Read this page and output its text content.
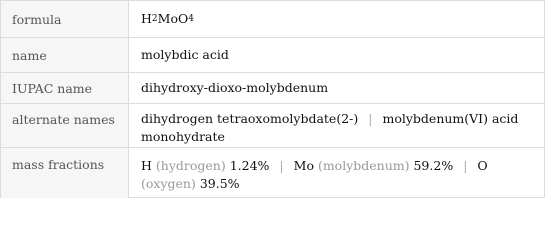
formula	H 2 MoO 4
name	molybdic acid
IUPAC name	dihydroxy-dioxo-molybdenum
alternate names	dihydrogen tetraoxomolybdate(2-) | molybdenum(VI) acid monohydrate
mass fractions	H (hydrogen) 1.24% | Mo (molybdenum) 59.2% | O (oxygen) 39.5%
